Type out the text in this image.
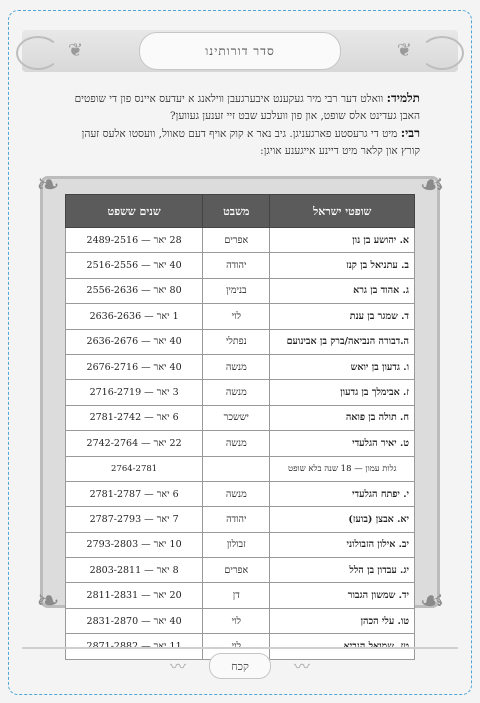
❦	❦
סדר דורותינו
תלמיד: וואלט דער רבי מיר געקענט איבערגעבן ווילאנג א יעדעס איינס פון די שופטים האבן געדינט אלס שופט, און פון וועלכע שבט זיי זענען געווען?
רבי: מיט די גרעסטע פארגעניגן. גיב נאר א קוק אויף דעם טאוול, וועסטו אלעס זעהן קורץ און קלאר מיט דיינע אייגענע אויגן:
❧	☙
❧	☙
שופטי ישראל	משבט	שנים ששפט
א. יהושע בן נון	אפרים	28 יאר — 2489-2516
ב. עתניאל בן קנז	יהודה	40 יאר — 2516-2556
ג. אהוד בן גרא	בנימין	80 יאר — 2556-2636
ד. שמגר בן ענת	לוי	1 יאר — 2636-2636
ה.דבורה הנביאה/ברק בן אבינועם	נפתלי	40 יאר — 2636-2676
ו. גדעון בן יואש	מנשה	40 יאר — 2676-2716
ז. אבימלך בן גדעון	מנשה	3 יאר — 2716-2719
ח. תולה בן פואה	יששכר	6 יאר — 2781-2742
ט. יאיר הגלעדי	מנשה	22 יאר — 2742-2764
גלות עמון — 18 שנה בלא שופט		2764-2781
י. יפתח הגלעדי	מנשה	6 יאר — 2781-2787
יא. אבצן (בועז)	יהודה	7 יאר — 2787-2793
יב. אילון הזבולוני	זבולון	10 יאר — 2793-2803
יג. עבדון בן הלל	אפרים	8 יאר — 2803-2811
יד. שמשון הגבור	דן	20 יאר — 2811-2831
טו. עלי הכהן	לוי	40 יאר — 2831-2870
טז. שמואל הנביא	לוי	11 יאר — 2871-2882
〰	〰
קכח
